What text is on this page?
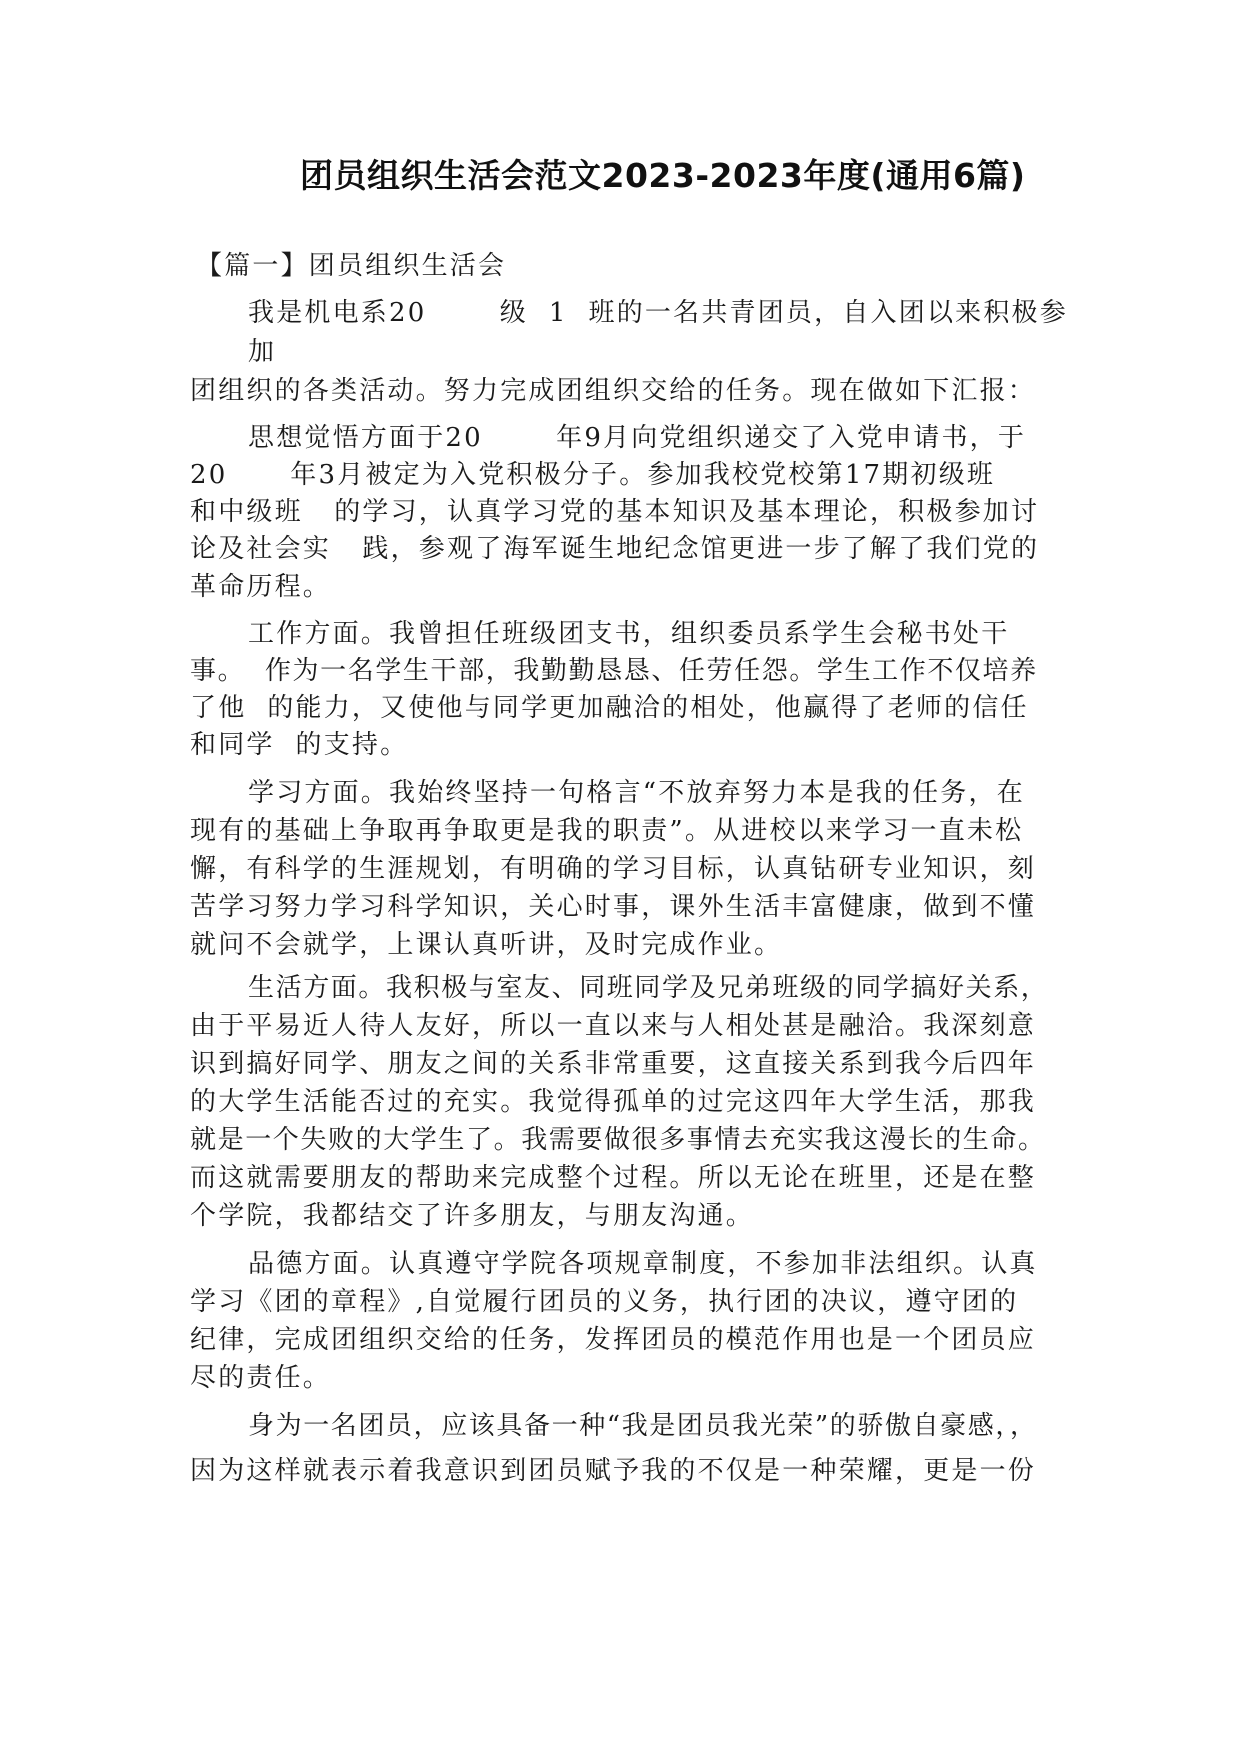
团员组织生活会范文2023-2023年度(通用6篇)
【篇一】团员组织生活会
我是机电系20       级  1  班的一名共青团员，自入团以来积极参
加
团组织的各类活动。努力完成团组织交给的任务。现在做如下汇报：
思想觉悟方面于20       年9月向党组织递交了入党申请书，于
20      年3月被定为入党积极分子。参加我校党校第17期初级班
和中级班   的学习，认真学习党的基本知识及基本理论，积极参加讨
论及社会实   践，参观了海军诞生地纪念馆更进一步了解了我们党的
革命历程。
工作方面。我曾担任班级团支书，组织委员系学生会秘书处干
事。  作为一名学生干部，我勤勤恳恳、任劳任怨。学生工作不仅培养
了他  的能力，又使他与同学更加融洽的相处，他赢得了老师的信任
和同学  的支持。
学习方面。我始终坚持一句格言“不放弃努力本是我的任务，在
现有的基础上争取再争取更是我的职责”。从进校以来学习一直未松
懈，有科学的生涯规划，有明确的学习目标，认真钻研专业知识，刻
苦学习努力学习科学知识，关心时事，课外生活丰富健康，做到不懂
就问不会就学，上课认真听讲，及时完成作业。
生活方面。我积极与室友、同班同学及兄弟班级的同学搞好关系，
由于平易近人待人友好，所以一直以来与人相处甚是融洽。我深刻意
识到搞好同学、朋友之间的关系非常重要，这直接关系到我今后四年
的大学生活能否过的充实。我觉得孤单的过完这四年大学生活，那我
就是一个失败的大学生了。我需要做很多事情去充实我这漫长的生命。
而这就需要朋友的帮助来完成整个过程。所以无论在班里，还是在整
个学院，我都结交了许多朋友，与朋友沟通。
品德方面。认真遵守学院各项规章制度，不参加非法组织。认真
学习《团的章程》,自觉履行团员的义务，执行团的决议，遵守团的
纪律，完成团组织交给的任务，发挥团员的模范作用也是一个团员应
尽的责任。
身为一名团员，应该具备一种“我是团员我光荣”的骄傲自豪感，，
因为这样就表示着我意识到团员赋予我的不仅是一种荣耀，更是一份
